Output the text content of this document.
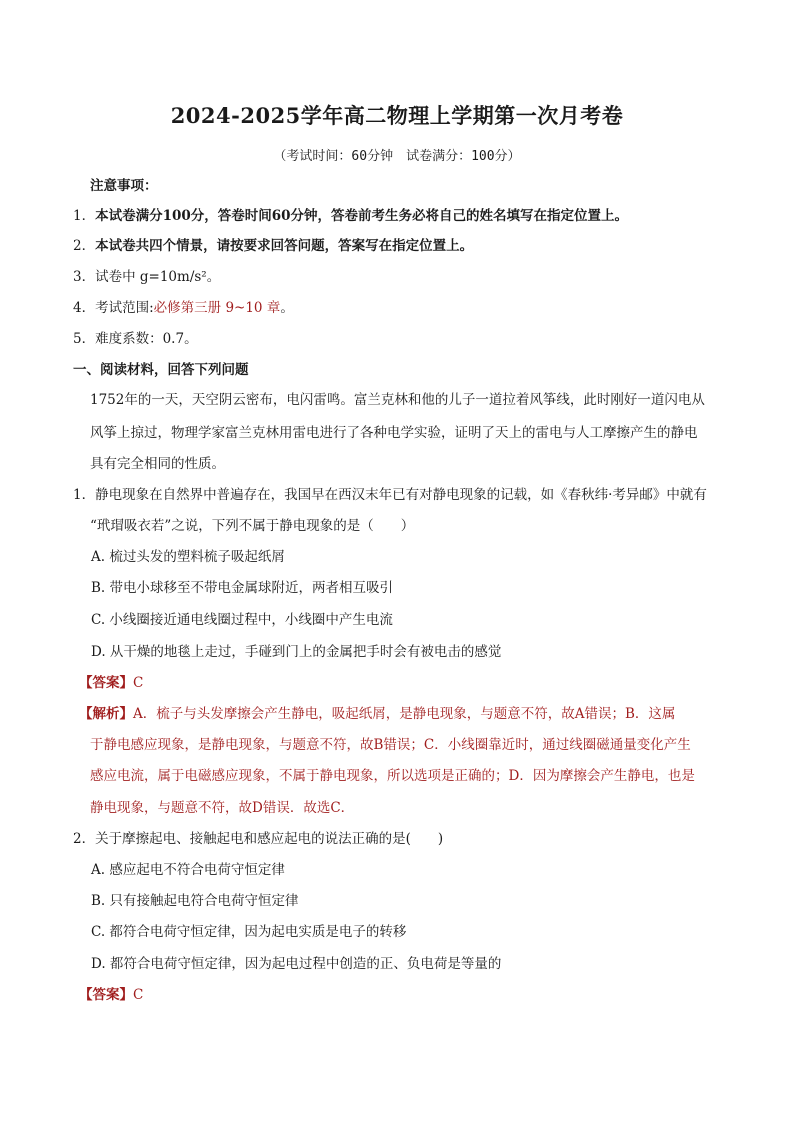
2024-2025学年高二物理上学期第一次月考卷
（考试时间：60分钟　试卷满分：100分）
注意事项：
1．本试卷满分100分，答卷时间60分钟，答卷前考生务必将自己的姓名填写在指定位置上。
2．本试卷共四个情景，请按要求回答问题，答案写在指定位置上。
3．试卷中 g=10m/s²。
4．考试范围:必修第三册 9~10 章。
5．难度系数：0.7。
一、阅读材料，回答下列问题
1752年的一天，天空阴云密布，电闪雷鸣。富兰克林和他的儿子一道拉着风筝线，此时刚好一道闪电从
风筝上掠过，物理学家富兰克林用雷电进行了各种电学实验，证明了天上的雷电与人工摩擦产生的静电
具有完全相同的性质。
1．静电现象在自然界中普遍存在，我国早在西汉末年已有对静电现象的记载，如《春秋纬·考异邮》中就有
“玳瑁吸衣若”之说，下列不属于静电现象的是（　　）
A. 梳过头发的塑料梳子吸起纸屑
B. 带电小球移至不带电金属球附近，两者相互吸引
C. 小线圈接近通电线圈过程中，小线圈中产生电流
D. 从干燥的地毯上走过，手碰到门上的金属把手时会有被电击的感觉
【答案】C
【解析】A．梳子与头发摩擦会产生静电，吸起纸屑，是静电现象，与题意不符，故A错误；B．这属
于静电感应现象，是静电现象，与题意不符，故B错误；C．小线圈靠近时，通过线圈磁通量变化产生
感应电流，属于电磁感应现象，不属于静电现象，所以选项是正确的；D．因为摩擦会产生静电，也是
静电现象，与题意不符，故D错误．故选C．
2．关于摩擦起电、接触起电和感应起电的说法正确的是(　　)
A. 感应起电不符合电荷守恒定律
B. 只有接触起电符合电荷守恒定律
C. 都符合电荷守恒定律，因为起电实质是电子的转移
D. 都符合电荷守恒定律，因为起电过程中创造的正、负电荷是等量的
【答案】C
